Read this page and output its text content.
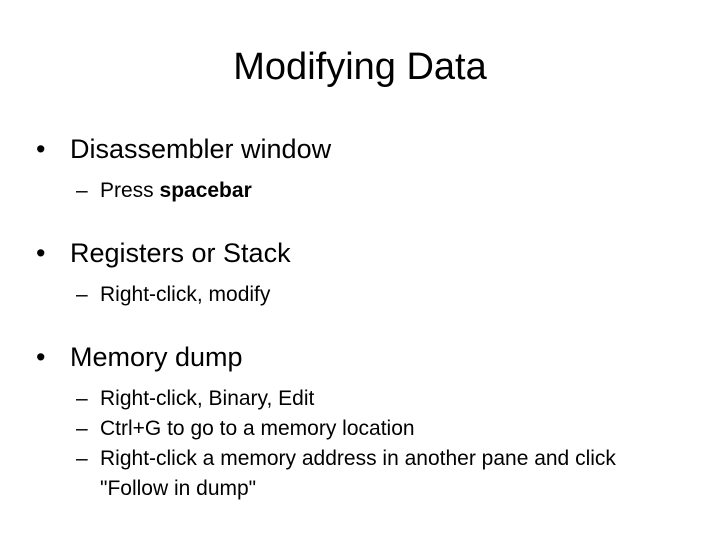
Modifying Data
• Disassembler window
– Press spacebar
• Registers or Stack
– Right-click, modify
• Memory dump
– Right-click, Binary, Edit
– Ctrl+G to go to a memory location
– Right-click a memory address in another pane and click "Follow in dump"
